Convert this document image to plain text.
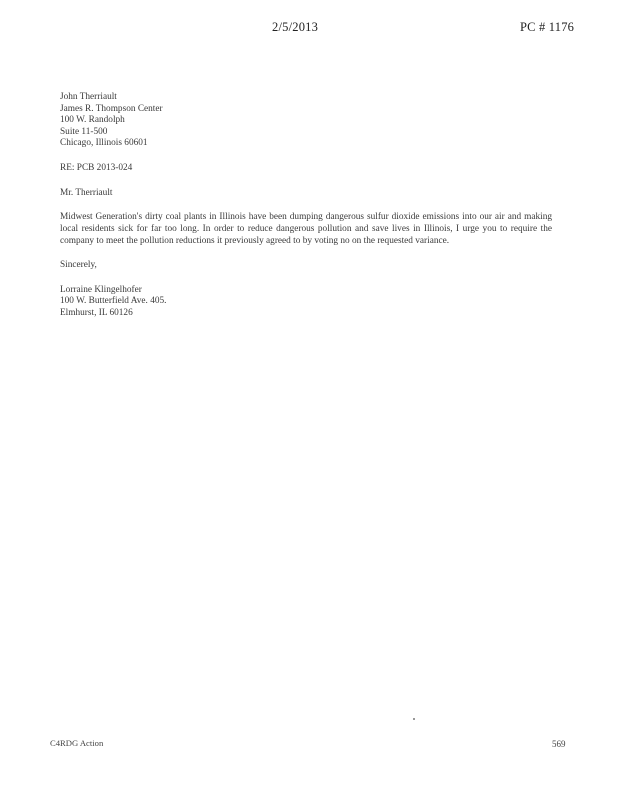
2/5/2013	PC # 1176
John Therriault
James R. Thompson Center
100 W. Randolph
Suite 11-500
Chicago, Illinois 60601
RE: PCB 2013-024
Mr. Therriault
Midwest Generation's dirty coal plants in Illinois have been dumping dangerous sulfur dioxide emissions into our air and making local residents sick for far too long. In order to reduce dangerous pollution and save lives in Illinois, I urge you to require the company to meet the pollution reductions it previously agreed to by voting no on the requested variance.
Sincerely,
Lorraine Klingelhofer
100 W. Butterfield Ave. 405.
Elmhurst, IL 60126
C4RDG Action	569
